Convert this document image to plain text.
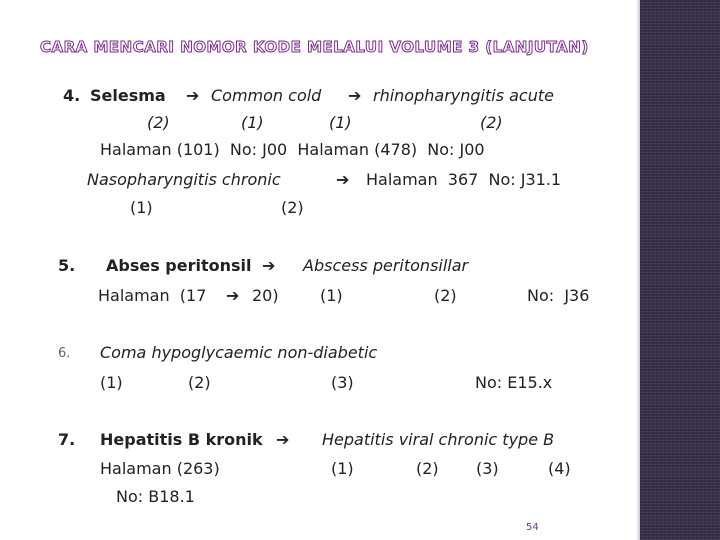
CARA MENCARI NOMOR KODE MELALUI VOLUME 3 (LANJUTAN)
4. Selesma ➔ Common cold ➔ rhinopharyngitis acute
(2)	(1)	(1)	(2)
Halaman (101)  No: J00  Halaman (478)  No: J00
Nasopharyngitis chronic	➔ Halaman  367  No: J31.1
(1)	(2)
5. Abses peritonsil ➔ Abscess peritonsillar
Halaman  (17 ➔ 20)	(1)	(2)	No:  J36
6. Coma hypoglycaemic non-diabetic
(1)	(2)	(3)	No: E15.x
7. Hepatitis B kronik ➔ Hepatitis viral chronic type B
Halaman (263)	(1)	(2) (3)	(4)
No: B18.1
54
